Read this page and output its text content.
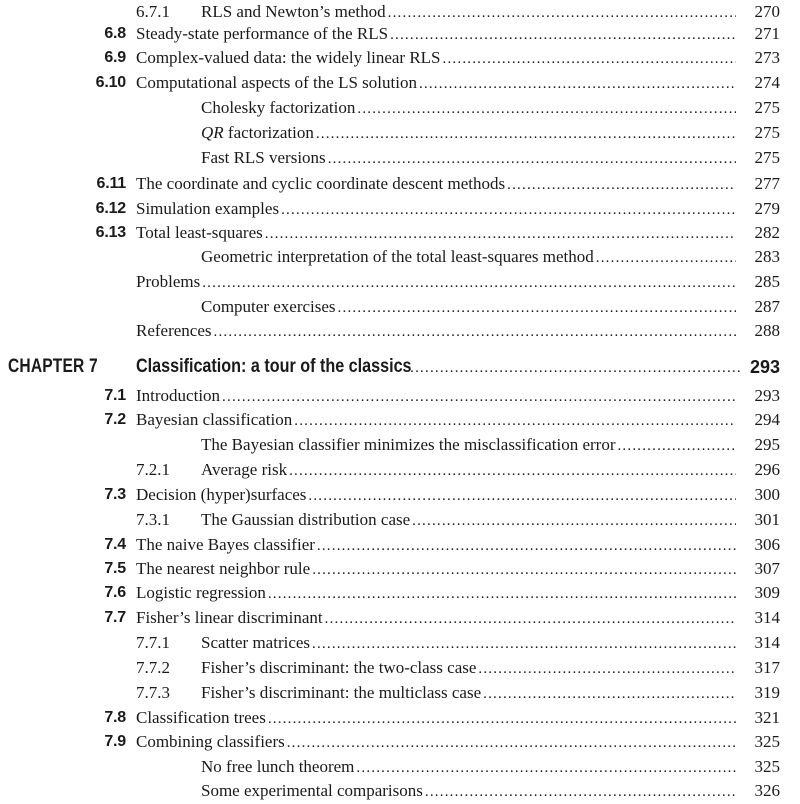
6.7.1 RLS and Newton’s method .....	270
6.8 Steady-state performance of the RLS .....	271
6.9 Complex-valued data: the widely linear RLS .....	273
6.10 Computational aspects of the LS solution .....	274
Cholesky factorization .....	275
QR factorization .....	275
Fast RLS versions .....	275
6.11 The coordinate and cyclic coordinate descent methods .....	277
6.12 Simulation examples .....	279
6.13 Total least-squares .....	282
Geometric interpretation of the total least-squares method .....	283
Problems .....	285
Computer exercises .....	287
References .....	288
CHAPTER 7 Classification: a tour of the classics .....	293
7.1 Introduction .....	293
7.2 Bayesian classification .....	294
The Bayesian classifier minimizes the misclassification error .....	295
7.2.1 Average risk .....	296
7.3 Decision (hyper)surfaces .....	300
7.3.1 The Gaussian distribution case .....	301
7.4 The naive Bayes classifier .....	306
7.5 The nearest neighbor rule .....	307
7.6 Logistic regression .....	309
7.7 Fisher’s linear discriminant .....	314
7.7.1 Scatter matrices .....	314
7.7.2 Fisher’s discriminant: the two-class case .....	317
7.7.3 Fisher’s discriminant: the multiclass case .....	319
7.8 Classification trees .....	321
7.9 Combining classifiers .....	325
No free lunch theorem .....	325
Some experimental comparisons .....	326
